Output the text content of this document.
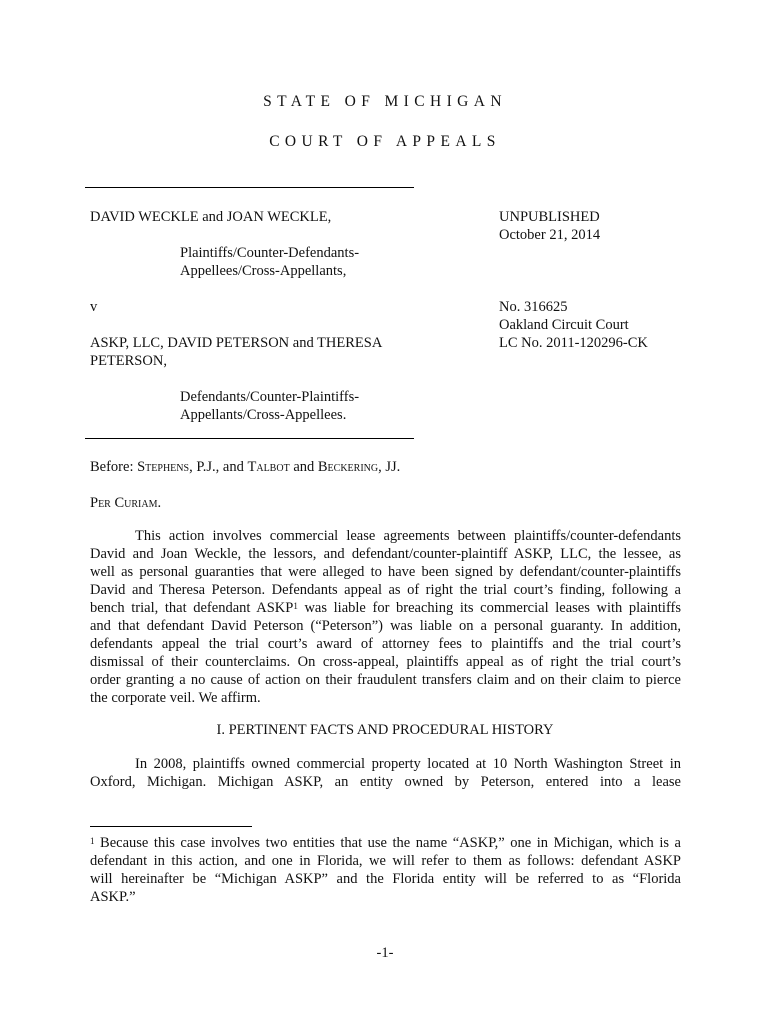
STATE OF MICHIGAN
COURT OF APPEALS
DAVID WECKLE and JOAN WECKLE,
Plaintiffs/Counter-Defendants-
Appellees/Cross-Appellants,
v
ASKP, LLC, DAVID PETERSON and THERESA
PETERSON,
Defendants/Counter-Plaintiffs-
Appellants/Cross-Appellees.
UNPUBLISHED
October 21, 2014
No. 316625
Oakland Circuit Court
LC No. 2011-120296-CK
Before: Stephens, P.J., and Talbot and Beckering, JJ.
Per Curiam.
This action involves commercial lease agreements between plaintiffs/counter-defendants
David and Joan Weckle, the lessors, and defendant/counter-plaintiff ASKP, LLC, the lessee, as
well as personal guaranties that were alleged to have been signed by defendant/counter-plaintiffs
David and Theresa Peterson. Defendants appeal as of right the trial court’s finding, following a
bench trial, that defendant ASKP$^1$ was liable for breaching its commercial leases with plaintiffs
and that defendant David Peterson (“Peterson”) was liable on a personal guaranty. In addition,
defendants appeal the trial court’s award of attorney fees to plaintiffs and the trial court’s
dismissal of their counterclaims. On cross-appeal, plaintiffs appeal as of right the trial court’s
order granting a no cause of action on their fraudulent transfers claim and on their claim to pierce
the corporate veil. We affirm.
I. PERTINENT FACTS AND PROCEDURAL HISTORY
In 2008, plaintiffs owned commercial property located at 10 North Washington Street in
Oxford, Michigan. Michigan ASKP, an entity owned by Peterson, entered into a lease
$^1$ Because this case involves two entities that use the name “ASKP,” one in Michigan, which is a
defendant in this action, and one in Florida, we will refer to them as follows: defendant ASKP
will hereinafter be “Michigan ASKP” and the Florida entity will be referred to as “Florida
ASKP.”
-1-
